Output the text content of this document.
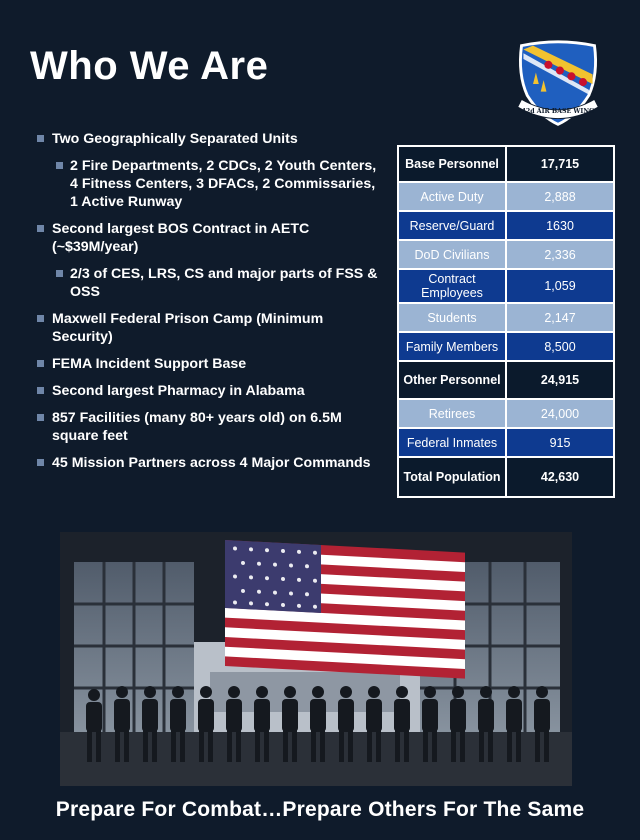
Who We Are
42d AIR BASE WING
Two Geographically Separated Units
2 Fire Departments, 2 CDCs, 2 Youth Centers, 4 Fitness Centers, 3 DFACs, 2 Commissaries, 1 Active Runway
Second largest BOS Contract in AETC (~$39M/year)
2/3 of CES, LRS, CS and major parts of FSS & OSS
Maxwell Federal Prison Camp (Minimum Security)
FEMA Incident Support Base
Second largest Pharmacy in Alabama
857 Facilities (many 80+ years old) on 6.5M square feet
45 Mission Partners across 4 Major Commands
Base Personnel	17,715
Active Duty	2,888
Reserve/Guard	1630
DoD Civilians	2,336
Contract Employees	1,059
Students	2,147
Family Members	8,500
Other Personnel	24,915
Retirees	24,000
Federal Inmates	915
Total Population	42,630
Prepare For Combat…Prepare Others For The Same
